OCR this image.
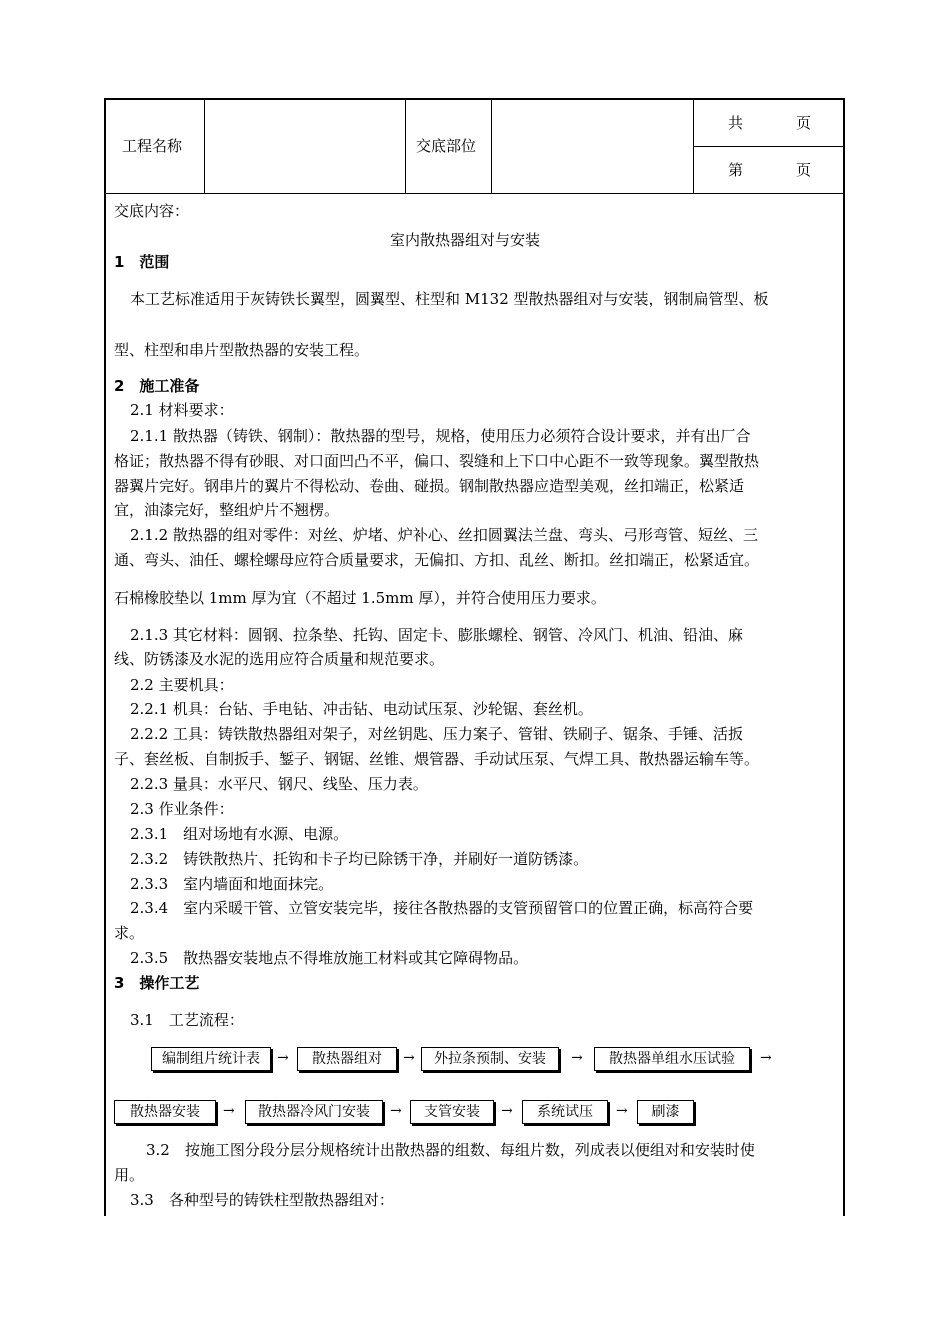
工程名称	交底部位
共	页
第	页
交底内容：
室内散热器组对与安装
1　范围
本工艺标准适用于灰铸铁长翼型，圆翼型、柱型和 M132 型散热器组对与安装，钢制扁管型、板
型、柱型和串片型散热器的安装工程。
2　施工准备
2.1 材料要求：
2.1.1 散热器（铸铁、钢制）：散热器的型号，规格，使用压力必须符合设计要求，并有出厂合
格证；散热器不得有砂眼、对口面凹凸不平，偏口、裂缝和上下口中心距不一致等现象。翼型散热
器翼片完好。钢串片的翼片不得松动、卷曲、碰损。钢制散热器应造型美观，丝扣端正，松紧适
宜，油漆完好，整组炉片不翘楞。
2.1.2 散热器的组对零件：对丝、炉堵、炉补心、丝扣圆翼法兰盘、弯头、弓形弯管、短丝、三
通、弯头、油任、螺栓螺母应符合质量要求，无偏扣、方扣、乱丝、断扣。丝扣端正，松紧适宜。
石棉橡胶垫以 1mm 厚为宜（不超过 1.5mm 厚），并符合使用压力要求。
2.1.3 其它材料：圆钢、拉条垫、托钩、固定卡、膨胀螺栓、钢管、冷风门、机油、铅油、麻
线、防锈漆及水泥的选用应符合质量和规范要求。
2.2 主要机具：
2.2.1 机具：台钻、手电钻、冲击钻、电动试压泵、沙轮锯、套丝机。
2.2.2 工具：铸铁散热器组对架子，对丝钥匙、压力案子、管钳、铁刷子、锯条、手锤、活扳
子、套丝板、自制扳手、錾子、钢锯、丝锥、煨管器、手动试压泵、气焊工具、散热器运输车等。
2.2.3 量具：水平尺、钢尺、线坠、压力表。
2.3 作业条件：
2.3.1　组对场地有水源、电源。
2.3.2　铸铁散热片、托钩和卡子均已除锈干净，并刷好一道防锈漆。
2.3.3　室内墙面和地面抹完。
2.3.4　室内采暖干管、立管安装完毕，接往各散热器的支管预留管口的位置正确，标高符合要
求。
2.3.5　散热器安装地点不得堆放施工材料或其它障碍物品。
3　操作工艺
3.1　工艺流程：
编制组片统计表	→	散热器组对	→	外拉条预制、安装	→	散热器单组水压试验	→
散热器安装	→	散热器冷风门安装	→	支管安装	→	系统试压	→	刷漆
3.2　按施工图分段分层分规格统计出散热器的组数、每组片数，列成表以便组对和安装时使
用。
3.3　各种型号的铸铁柱型散热器组对：
